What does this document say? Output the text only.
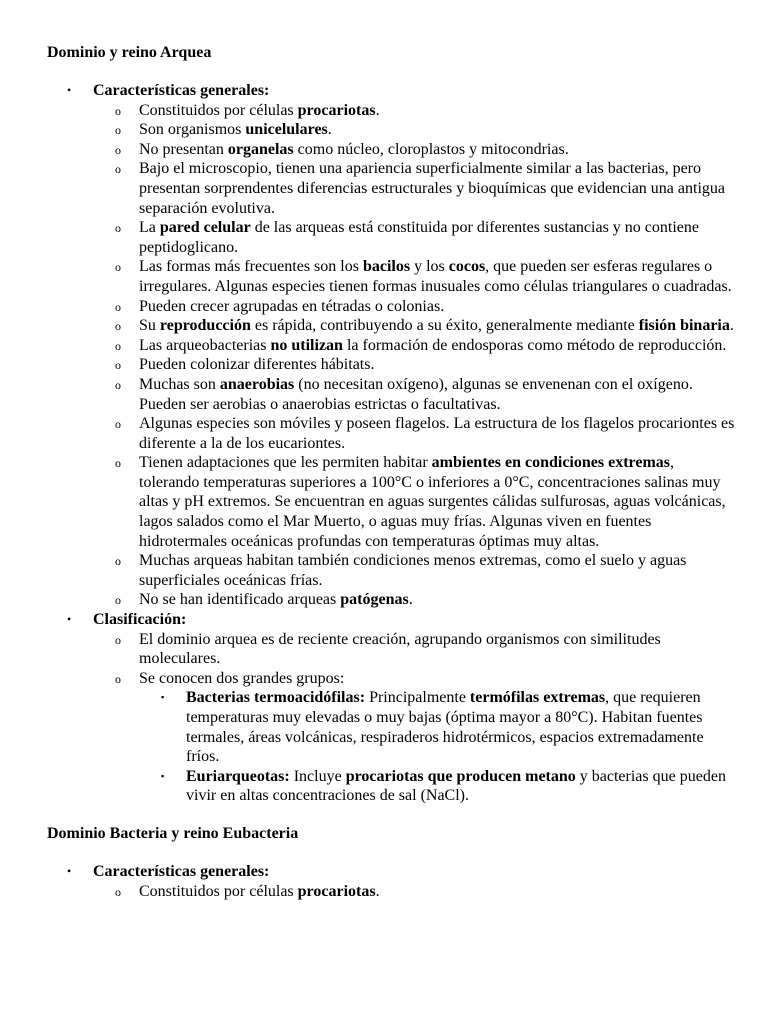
Dominio y reino Arquea
• Características generales:
o Constituidos por células procariotas.
o Son organismos unicelulares.
o No presentan organelas como núcleo, cloroplastos y mitocondrias.
o Bajo el microscopio, tienen una apariencia superficialmente similar a las bacterias, pero presentan sorprendentes diferencias estructurales y bioquímicas que evidencian una antigua separación evolutiva.
o La pared celular de las arqueas está constituida por diferentes sustancias y no contiene peptidoglicano.
o Las formas más frecuentes son los bacilos y los cocos, que pueden ser esferas regulares o irregulares. Algunas especies tienen formas inusuales como células triangulares o cuadradas.
o Pueden crecer agrupadas en tétradas o colonias.
o Su reproducción es rápida, contribuyendo a su éxito, generalmente mediante fisión binaria.
o Las arqueobacterias no utilizan la formación de endosporas como método de reproducción.
o Pueden colonizar diferentes hábitats.
o Muchas son anaerobias (no necesitan oxígeno), algunas se envenenan con el oxígeno. Pueden ser aerobias o anaerobias estrictas o facultativas.
o Algunas especies son móviles y poseen flagelos. La estructura de los flagelos procariontes es diferente a la de los eucariontes.
o Tienen adaptaciones que les permiten habitar ambientes en condiciones extremas, tolerando temperaturas superiores a 100°C o inferiores a 0°C, concentraciones salinas muy altas y pH extremos. Se encuentran en aguas surgentes cálidas sulfurosas, aguas volcánicas, lagos salados como el Mar Muerto, o aguas muy frías. Algunas viven en fuentes hidrotermales oceánicas profundas con temperaturas óptimas muy altas.
o Muchas arqueas habitan también condiciones menos extremas, como el suelo y aguas superficiales oceánicas frías.
o No se han identificado arqueas patógenas.
• Clasificación:
o El dominio arquea es de reciente creación, agrupando organismos con similitudes moleculares.
o Se conocen dos grandes grupos:
▪ Bacterias termoacidófilas: Principalmente termófilas extremas, que requieren temperaturas muy elevadas o muy bajas (óptima mayor a 80°C). Habitan fuentes termales, áreas volcánicas, respiraderos hidrotérmicos, espacios extremadamente fríos.
▪ Euriarqueotas: Incluye procariotas que producen metano y bacterias que pueden vivir en altas concentraciones de sal (NaCl).
Dominio Bacteria y reino Eubacteria
• Características generales:
o Constituidos por células procariotas.
